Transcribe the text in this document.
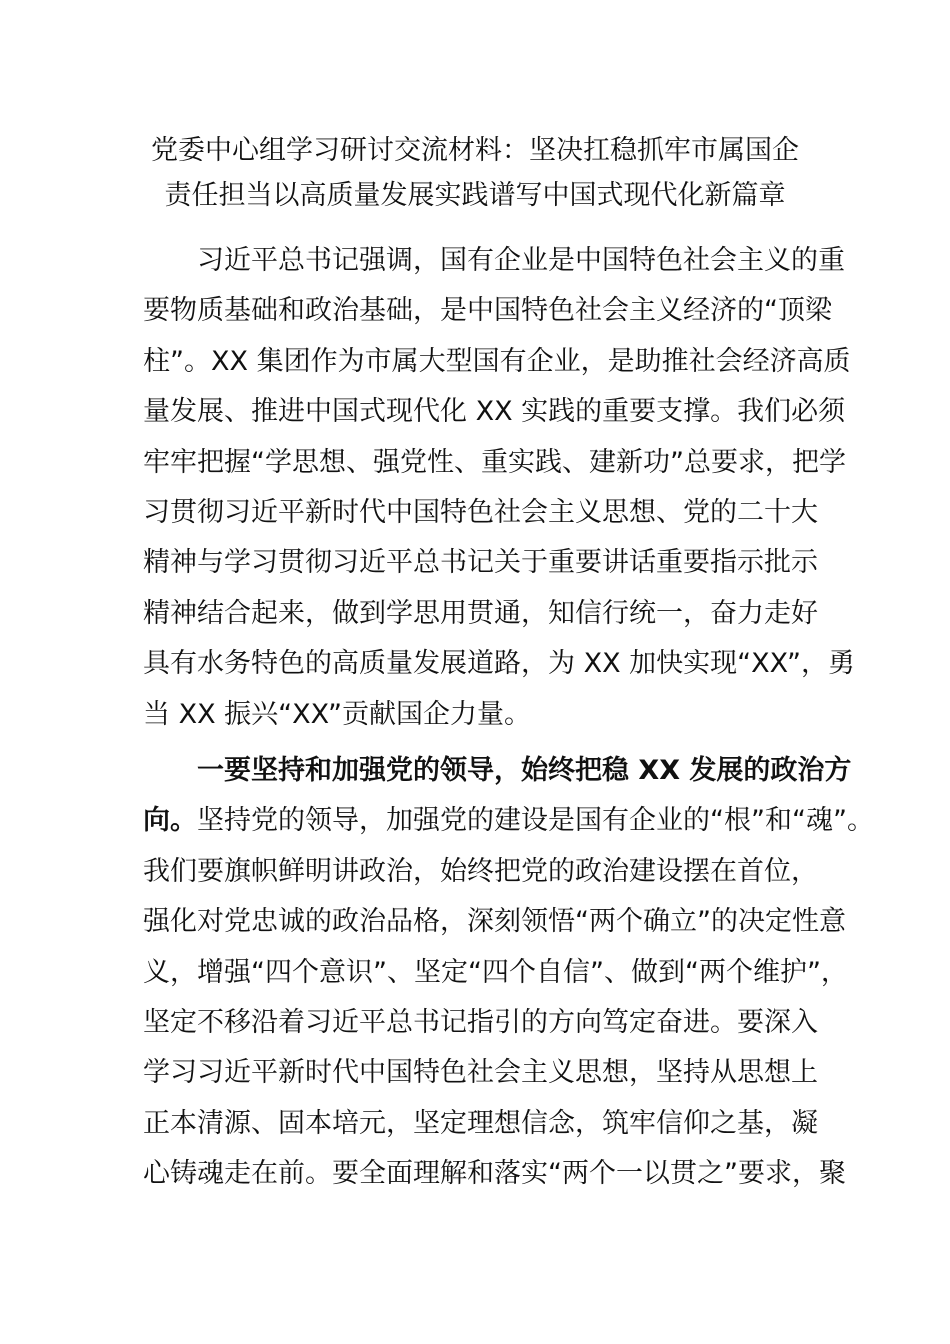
党委中心组学习研讨交流材料：坚决扛稳抓牢市属国企
责任担当以高质量发展实践谱写中国式现代化新篇章
习近平总书记强调，国有企业是中国特色社会主义的重
要物质基础和政治基础，是中国特色社会主义经济的“顶梁
柱”。XX 集团作为市属大型国有企业，是助推社会经济高质
量发展、推进中国式现代化 XX 实践的重要支撑。我们必须
牢牢把握“学思想、强党性、重实践、建新功”总要求，把学
习贯彻习近平新时代中国特色社会主义思想、党的二十大
精神与学习贯彻习近平总书记关于重要讲话重要指示批示
精神结合起来，做到学思用贯通，知信行统一，奋力走好
具有水务特色的高质量发展道路，为 XX 加快实现“XX”，勇
当 XX 振兴“XX”贡献国企力量。
一要坚持和加强党的领导，始终把稳 XX 发展的政治方
向。坚持党的领导，加强党的建设是国有企业的“根”和“魂”。
我们要旗帜鲜明讲政治，始终把党的政治建设摆在首位，
强化对党忠诚的政治品格，深刻领悟“两个确立”的决定性意
义，增强“四个意识”、坚定“四个自信”、做到“两个维护”，
坚定不移沿着习近平总书记指引的方向笃定奋进。要深入
学习习近平新时代中国特色社会主义思想，坚持从思想上
正本清源、固本培元，坚定理想信念，筑牢信仰之基，凝
心铸魂走在前。要全面理解和落实“两个一以贯之”要求，聚
